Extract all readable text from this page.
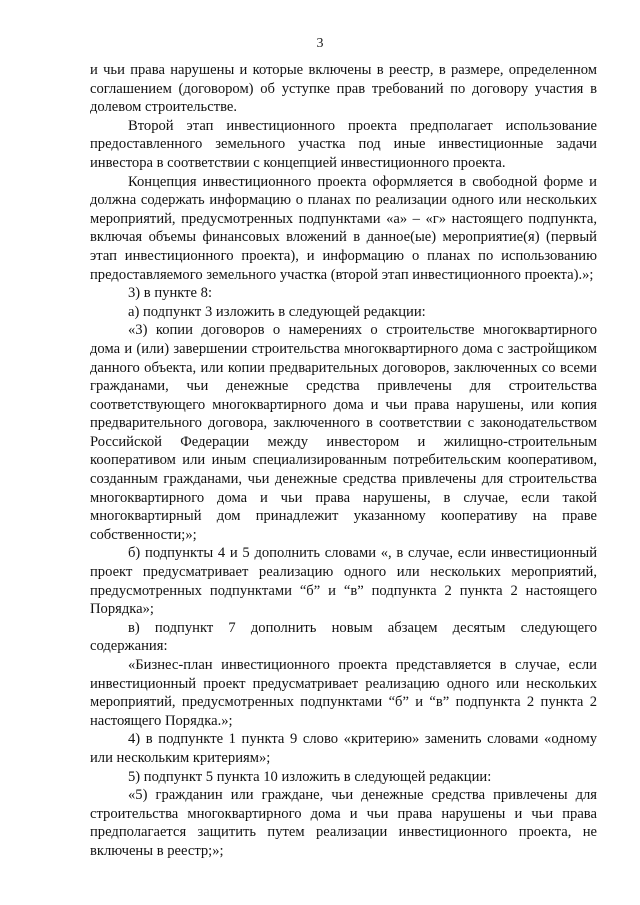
3

и чьи права нарушены и которые включены в реестр, в размере, определенном соглашением (договором) об уступке прав требований по договору участия в долевом строительстве.

Второй этап инвестиционного проекта предполагает использование предоставленного земельного участка под иные инвестиционные задачи инвестора в соответствии с концепцией инвестиционного проекта.

Концепция инвестиционного проекта оформляется в свободной форме и должна содержать информацию о планах по реализации одного или нескольких мероприятий, предусмотренных подпунктами «а» – «г» настоящего подпункта, включая объемы финансовых вложений в данное(ые) мероприятие(я) (первый этап инвестиционного проекта), и информацию о планах по использованию предоставляемого земельного участка (второй этап инвестиционного проекта).»;

3) в пункте 8:

а) подпункт 3 изложить в следующей редакции:

«3) копии договоров о намерениях о строительстве многоквартирного дома и (или) завершении строительства многоквартирного дома с застройщиком данного объекта, или копии предварительных договоров, заключенных со всеми гражданами, чьи денежные средства привлечены для строительства соответствующего многоквартирного дома и чьи права нарушены, или копия предварительного договора, заключенного в соответствии с законодательством Российской Федерации между инвестором и жилищно-строительным кооперативом или иным специализированным потребительским кооперативом, созданным гражданами, чьи денежные средства привлечены для строительства многоквартирного дома и чьи права нарушены, в случае, если такой многоквартирный дом принадлежит указанному кооперативу на праве собственности;»;

б) подпункты 4 и 5 дополнить словами «, в случае, если инвестиционный проект предусматривает реализацию одного или нескольких мероприятий, предусмотренных подпунктами “б” и “в” подпункта 2 пункта 2 настоящего Порядка»;

в) подпункт 7 дополнить новым абзацем десятым следующего содержания:

«Бизнес-план инвестиционного проекта представляется в случае, если инвестиционный проект предусматривает реализацию одного или нескольких мероприятий, предусмотренных подпунктами “б” и “в” подпункта 2 пункта 2 настоящего Порядка.»;

4) в подпункте 1 пункта 9 слово «критерию» заменить словами «одному или нескольким критериям»;

5) подпункт 5 пункта 10 изложить в следующей редакции:

«5) гражданин или граждане, чьи денежные средства привлечены для строительства многоквартирного дома и чьи права нарушены и чьи права предполагается защитить путем реализации инвестиционного проекта, не включены в реестр;»;
